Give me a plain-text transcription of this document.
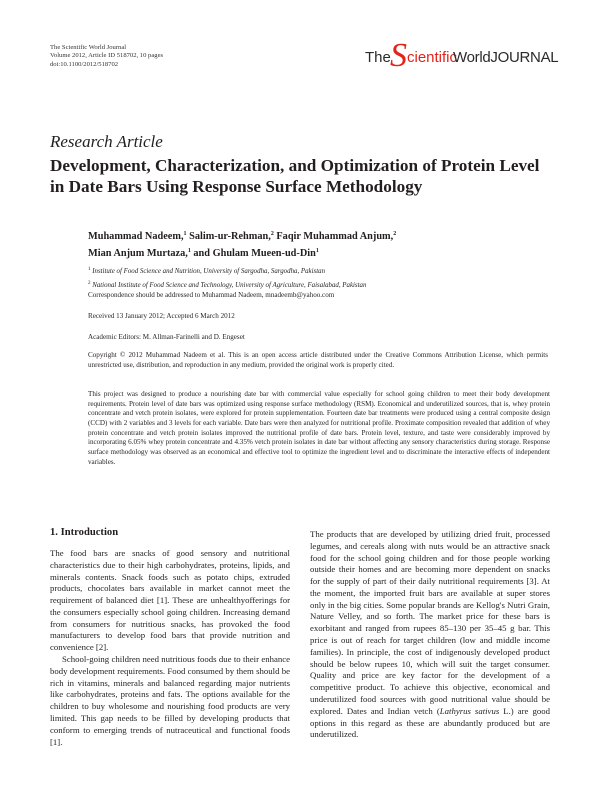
The Scientific World Journal
Volume 2012, Article ID 518702, 10 pages
doi:10.1100/2012/518702	The S cientific
WorldJOURNAL
Research Article
Development, Characterization, and Optimization of Protein Level in Date Bars Using Response Surface Methodology
Muhammad Nadeem,$^1$ Salim-ur-Rehman,$^2$ Faqir Muhammad Anjum,$^2$
Mian Anjum Murtaza,$^1$ and Ghulam Mueen-ud-Din$^1$
$^1$ Institute of Food Science and Nutrition, University of Sargodha, Sargodha, Pakistan
$^2$ National Institute of Food Science and Technology, University of Agriculture, Faisalabad, Pakistan
Correspondence should be addressed to Muhammad Nadeem, mnadeemb@yahoo.com
Received 13 January 2012; Accepted 6 March 2012
Academic Editors: M. Allman-Farinelli and D. Engeset
Copyright © 2012 Muhammad Nadeem et al. This is an open access article distributed under the Creative Commons Attribution License, which permits unrestricted use, distribution, and reproduction in any medium, provided the original work is properly cited.
This project was designed to produce a nourishing date bar with commercial value especially for school going children to meet their body development requirements. Protein level of date bars was optimized using response surface methodology (RSM). Economical and underutilized sources, that is, whey protein concentrate and vetch protein isolates, were explored for protein supplementation. Fourteen date bar treatments were produced using a central composite design (CCD) with 2 variables and 3 levels for each variable. Date bars were then analyzed for nutritional profile. Proximate composition revealed that addition of whey protein concentrate and vetch protein isolates improved the nutritional profile of date bars. Protein level, texture, and taste were considerably improved by incorporating 6.05% whey protein concentrate and 4.35% vetch protein isolates in date bar without affecting any sensory characteristics during storage. Response surface methodology was observed as an economical and effective tool to optimize the ingredient level and to discriminate the interactive effects of independent variables.
1. Introduction

The food bars are snacks of good sensory and nutritional characteristics due to their high carbohydrates, proteins, lipids, and minerals contents. Snack foods such as potato chips, extruded products, chocolates bars available in market cannot meet the requirement of balanced diet [1]. These are unhealthyofferings for the consumers especially school going children. Increasing demand from consumers for nutritious snacks, has provoked the food manufacturers to develop food bars that provide nutrition and convenience [2].

School-going children need nutritious foods due to their enhance body development requirements. Food consumed by them should be rich in vitamins, minerals and balanced regarding major nutrients like carbohydrates, proteins and fats. The options available for the children to buy wholesome and nourishing food products are very limited. This gap needs to be filled by developing products that conform to emerging trends of nutraceutical and functional foods [1].

The products that are developed by utilizing dried fruit, processed legumes, and cereals along with nuts would be an attractive snack food for the school going children and for those people working outside their homes and are becoming more dependent on snacks for the supply of part of their daily nutritional requirements [3]. At the moment, the imported fruit bars are available at super stores only in the big cities. Some popular brands are Kellog's Nutri Grain, Nature Velley, and so forth. The market price for these bars is exorbitant and ranged from rupees 85–130 per 35–45 g bar. This price is out of reach for target children (low and middle income families). In principle, the cost of indigenously developed product should be below rupees 10, which will suit the target consumer. Quality and price are key factor for the development of a competitive product. To achieve this objective, economical and underutilized food sources with good nutritional value should be explored. Dates and Indian vetch (Lathyrus sativus L.) are good options in this regard as these are abundantly produced but are underutilized.
